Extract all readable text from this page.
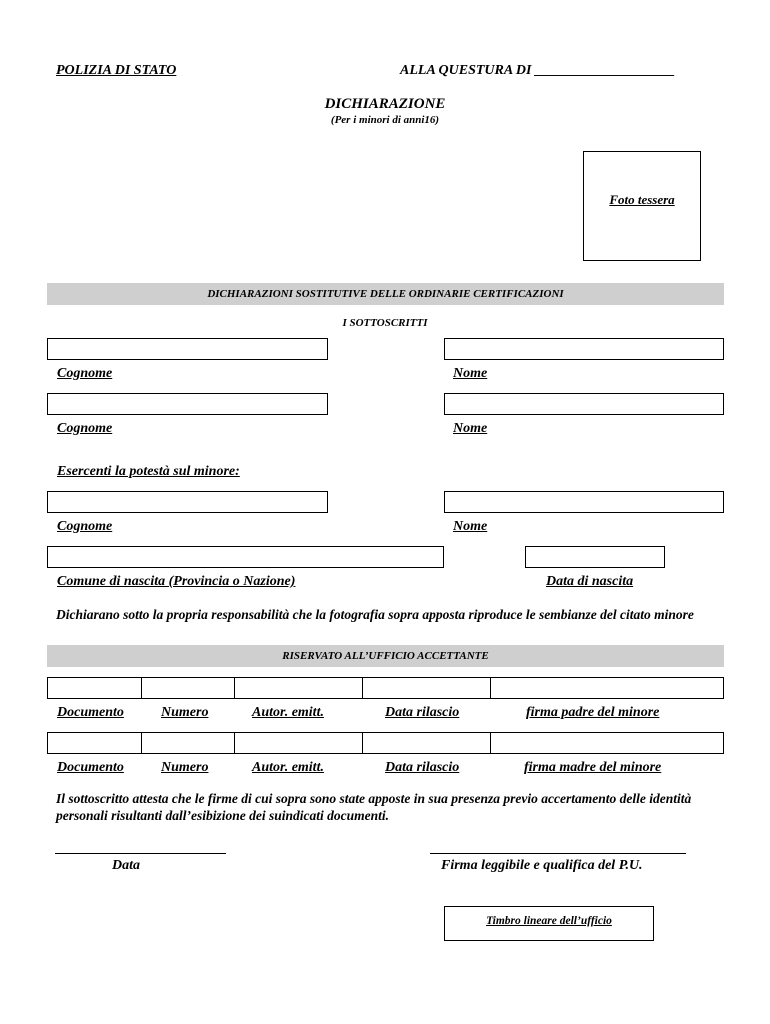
POLIZIA DI STATO	ALLA QUESTURA DI ____________________
DICHIARAZIONE
(Per i minori di anni16)
Foto tessera
DICHIARAZIONI SOSTITUTIVE DELLE ORDINARIE CERTIFICAZIONI
I SOTTOSCRITTI
Cognome	Nome
Cognome	Nome
Esercenti la potestà sul minore:
Cognome	Nome
Comune di nascita (Provincia o Nazione)	Data di nascita
Dichiarano sotto la propria responsabilità che la fotografia sopra apposta riproduce le sembianze del citato minore
RISERVATO ALL’UFFICIO ACCETTANTE
Documento	Numero	Autor. emitt.	Data rilascio	firma padre del minore
Documento	Numero	Autor. emitt.	Data rilascio	firma madre del minore
Il sottoscritto attesta che le firme di cui sopra sono state apposte in sua presenza previo accertamento delle identità personali risultanti dall’esibizione dei suindicati documenti.
Data	Firma leggibile e qualifica del P.U.
Timbro lineare dell’ufficio
